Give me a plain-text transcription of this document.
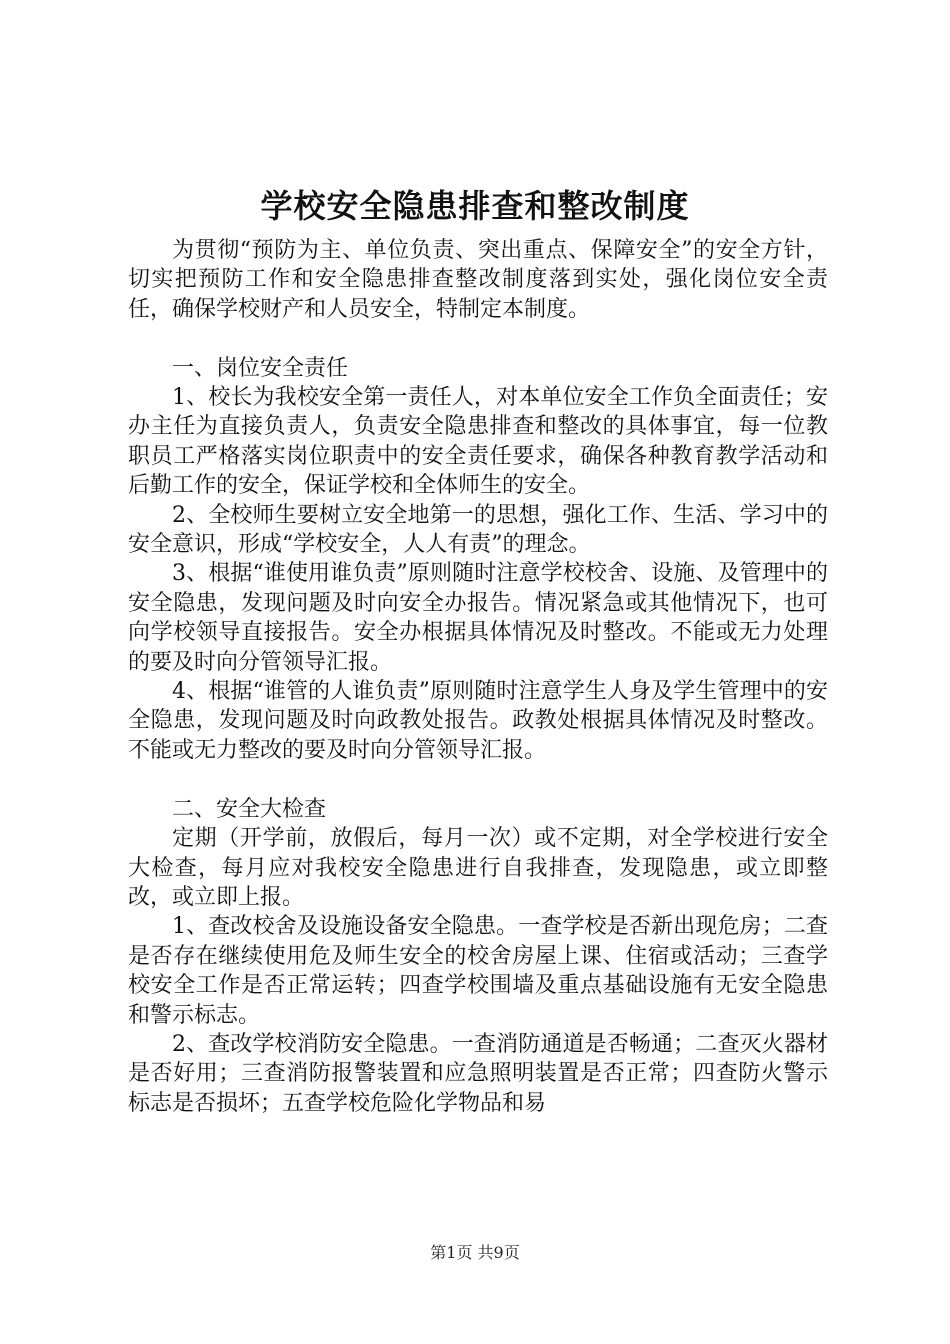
学校安全隐患排查和整改制度

为贯彻“预防为主、单位负责、突出重点、保障安全”的安全方针，切实把预防工作和安全隐患排查整改制度落到实处，强化岗位安全责任，确保学校财产和人员安全，特制定本制度。

一、岗位安全责任

1、校长为我校安全第一责任人，对本单位安全工作负全面责任；安办主任为直接负责人，负责安全隐患排查和整改的具体事宜，每一位教职员工严格落实岗位职责中的安全责任要求，确保各种教育教学活动和后勤工作的安全，保证学校和全体师生的安全。

2、全校师生要树立安全地第一的思想，强化工作、生活、学习中的安全意识，形成“学校安全，人人有责”的理念。

3、根据“谁使用谁负责”原则随时注意学校校舍、设施、及管理中的安全隐患，发现问题及时向安全办报告。情况紧急或其他情况下，也可向学校领导直接报告。安全办根据具体情况及时整改。不能或无力处理的要及时向分管领导汇报。

4、根据“谁管的人谁负责”原则随时注意学生人身及学生管理中的安全隐患，发现问题及时向政教处报告。政教处根据具体情况及时整改。不能或无力整改的要及时向分管领导汇报。

二、安全大检查

定期（开学前，放假后，每月一次）或不定期，对全学校进行安全大检查，每月应对我校安全隐患进行自我排查，发现隐患，或立即整改，或立即上报。

1、查改校舍及设施设备安全隐患。一查学校是否新出现危房；二查是否存在继续使用危及师生安全的校舍房屋上课、住宿或活动；三查学校安全工作是否正常运转；四查学校围墙及重点基础设施有无安全隐患和警示标志。

2、查改学校消防安全隐患。一查消防通道是否畅通；二查灭火器材是否好用；三查消防报警装置和应急照明装置是否正常；四查防火警示标志是否损坏；五查学校危险化学物品和易

第1页 共9页
